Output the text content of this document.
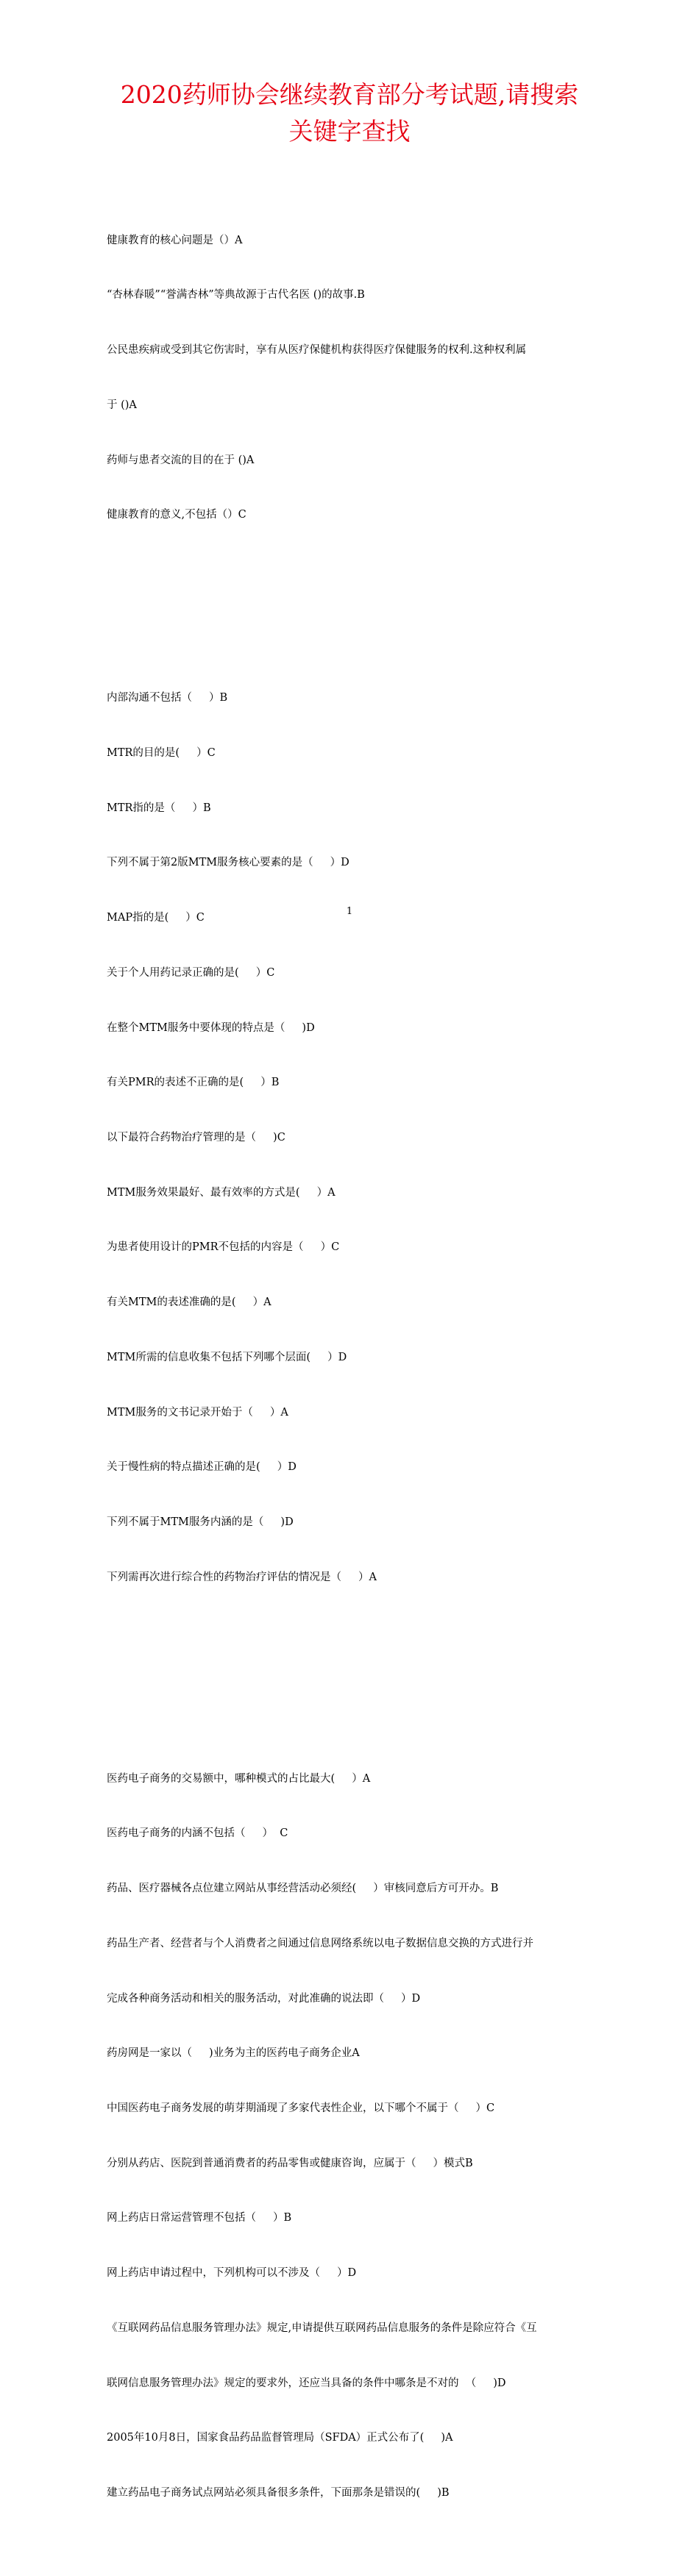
2020药师协会继续教育部分考试题,请搜索
关键字查找

健康教育的核心问题是（）A

“杏林春暖”“誉满杏林”等典故源于古代名医 ()的故事.B

公民患疾病或受到其它伤害时，享有从医疗保健机构获得医疗保健服务的权利.这种权利属

于 ()A

药师与患者交流的目的在于 ()A

健康教育的意义,不包括（）C

内部沟通不包括（     ）B

MTR的目的是(     ）C

MTR指的是（     ）B

下列不属于第2版MTM服务核心要素的是（     ）D

MAP指的是(     ）C

关于个人用药记录正确的是(     ）C

在整个MTM服务中要体现的特点是（     )D

有关PMR的表述不正确的是(     ）B

以下最符合药物治疗管理的是（     )C

MTM服务效果最好、最有效率的方式是(     ）A

为患者使用设计的PMR不包括的内容是（     ）C

有关MTM的表述准确的是(     ）A

MTM所需的信息收集不包括下列哪个层面(     ）D

MTM服务的文书记录开始于（     ）A

关于慢性病的特点描述正确的是(     ）D

下列不属于MTM服务内涵的是（     )D

下列需再次进行综合性的药物治疗评估的情况是（     ）A

医药电子商务的交易额中，哪种模式的占比最大(     ）A

医药电子商务的内涵不包括（     ）  C

药品、医疗器械各点位建立网站从事经营活动必须经(     ）审核同意后方可开办。B

药品生产者、经营者与个人消费者之间通过信息网络系统以电子数据信息交换的方式进行并

完成各种商务活动和相关的服务活动，对此准确的说法即（     ）D

药房网是一家以（     )业务为主的医药电子商务企业A

中国医药电子商务发展的萌芽期涌现了多家代表性企业，以下哪个不属于（     ）C

分别从药店、医院到普通消费者的药品零售或健康咨询，应属于（     ）模式B

网上药店日常运营管理不包括（     ）B

网上药店申请过程中，下列机构可以不涉及（     ）D

《互联网药品信息服务管理办法》规定,申请提供互联网药品信息服务的条件是除应符合《互

联网信息服务管理办法》规定的要求外，还应当具备的条件中哪条是不对的  （     )D

2005年10月8日，国家食品药品监督管理局（SFDA）正式公布了(     )A

建立药品电子商务试点网站必须具备很多条件，下面那条是错误的(     )B

1
